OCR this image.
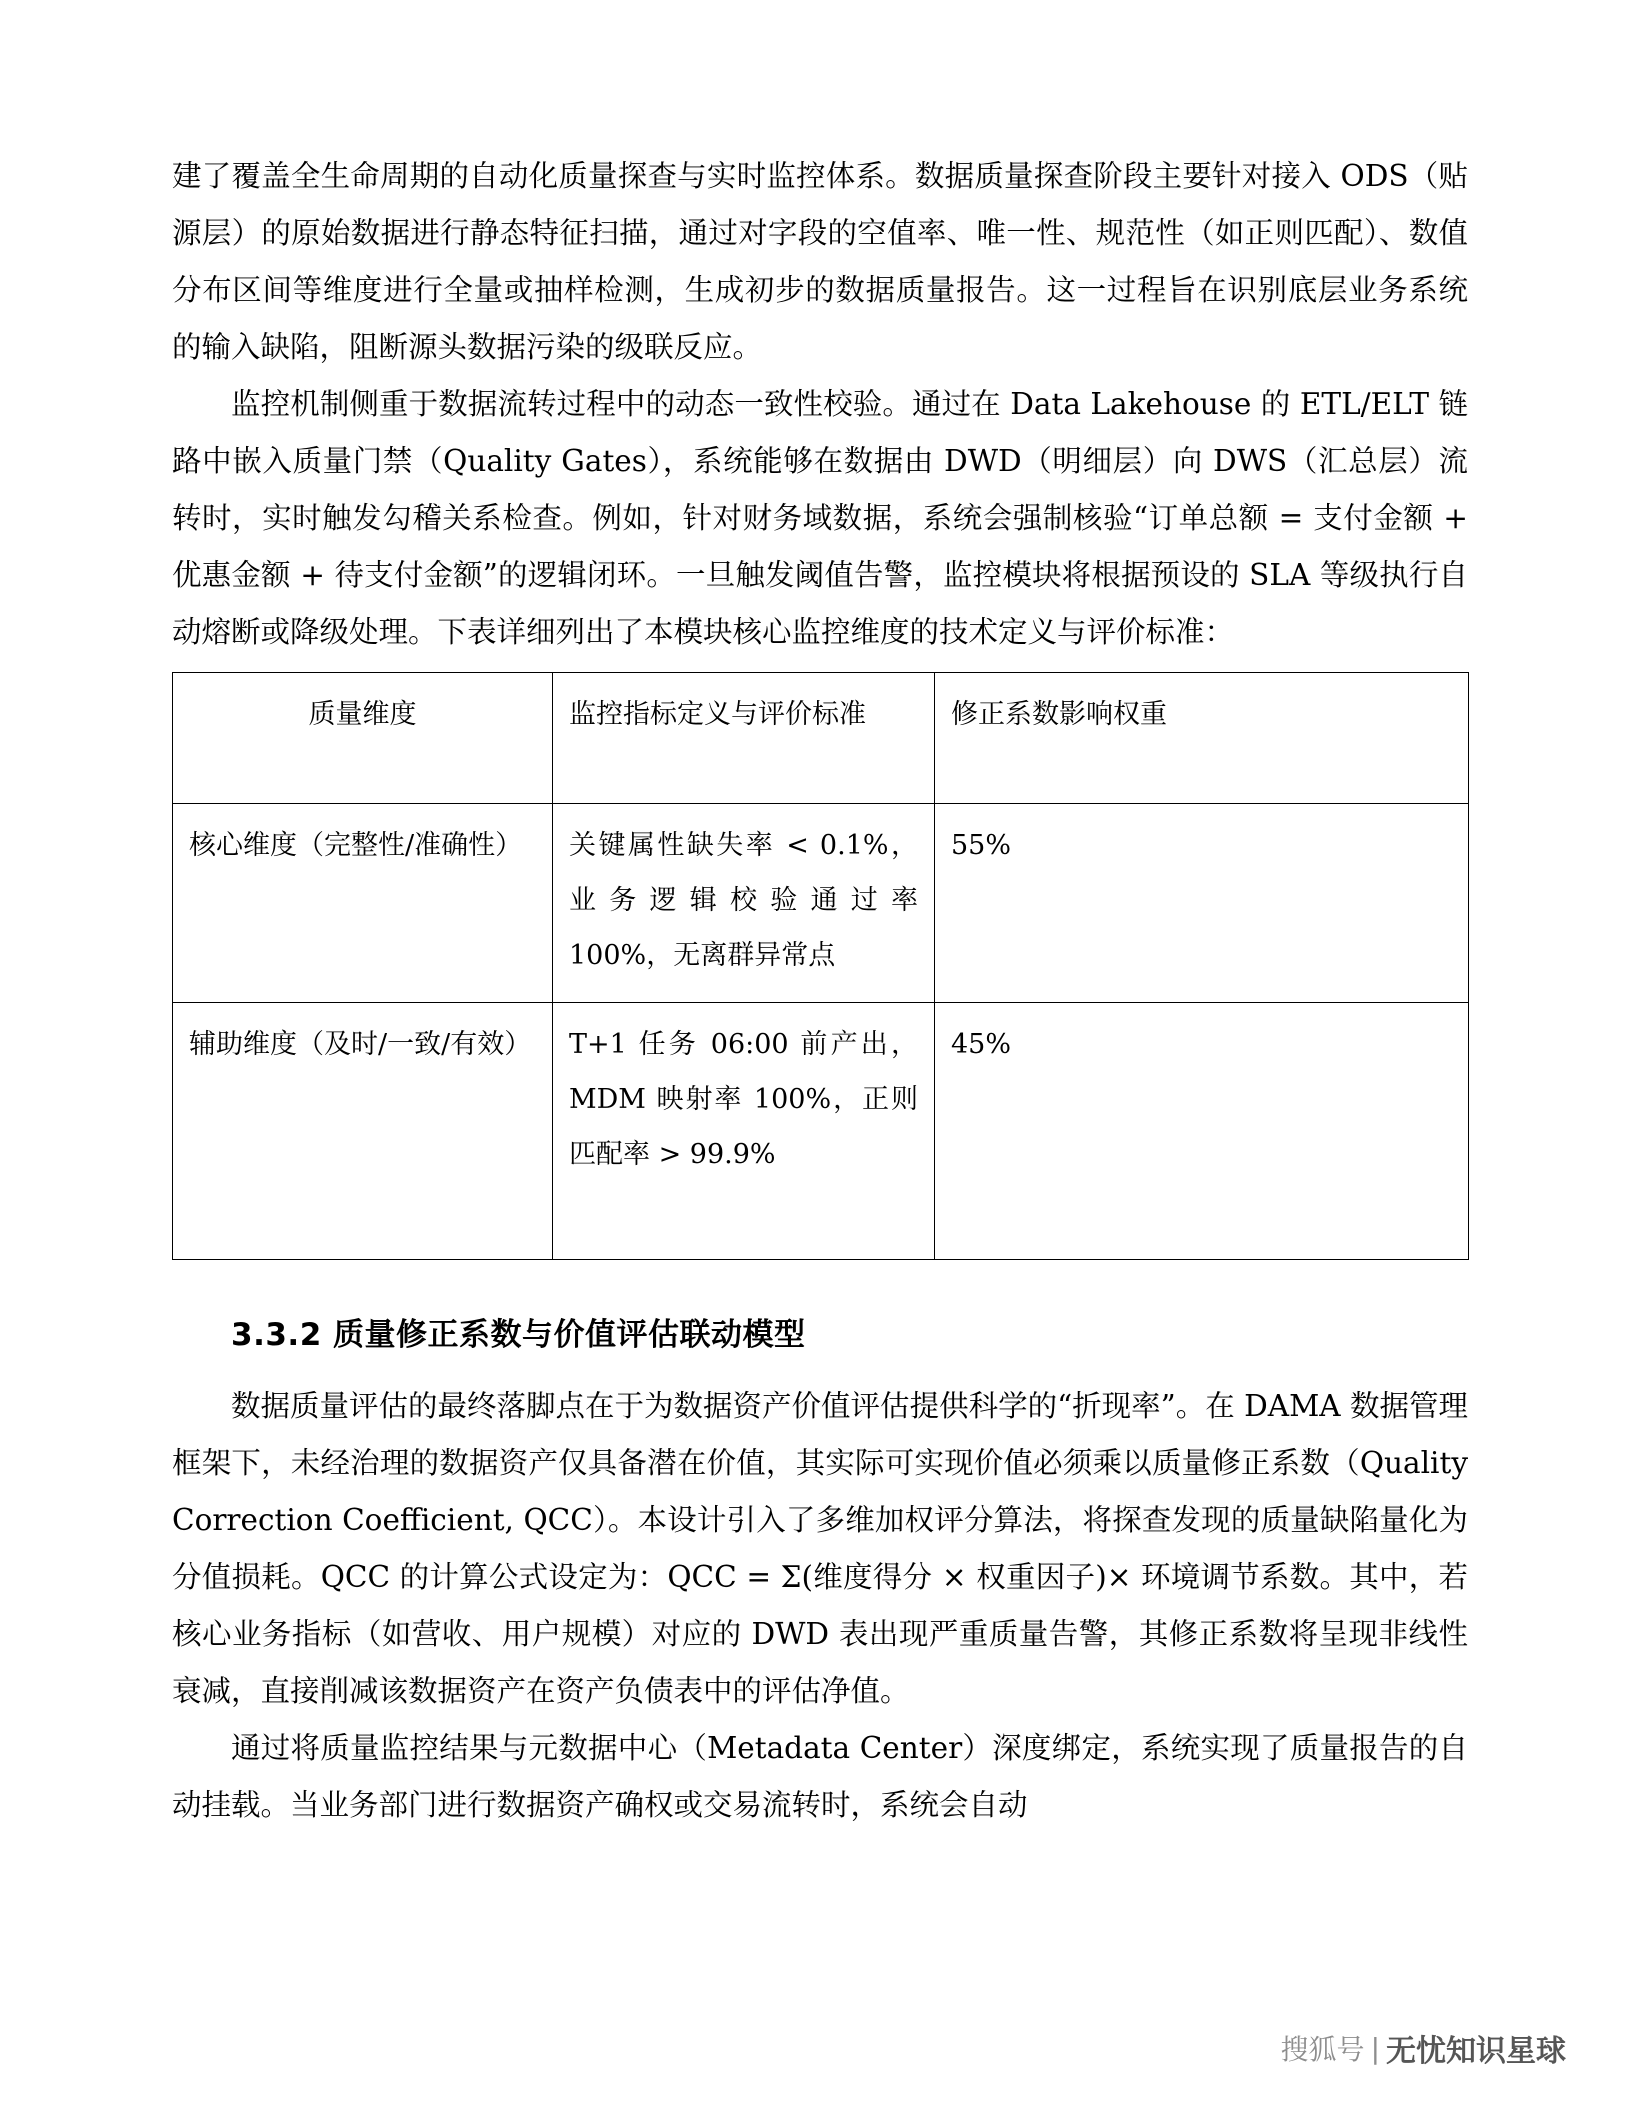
建了覆盖全生命周期的自动化质量探查与实时监控体系。数据质量探查阶段主要针对接入 ODS（贴源层）的原始数据进行静态特征扫描，通过对字段的空值率、唯一性、规范性（如正则匹配）、数值分布区间等维度进行全量或抽样检测，生成初步的数据质量报告。这一过程旨在识别底层业务系统的输入缺陷，阻断源头数据污染的级联反应。

监控机制侧重于数据流转过程中的动态一致性校验。通过在 Data Lakehouse 的 ETL/ELT 链路中嵌入质量门禁（Quality Gates），系统能够在数据由 DWD（明细层）向 DWS（汇总层）流转时，实时触发勾稽关系检查。例如，针对财务域数据，系统会强制核验“订单总额 = 支付金额 + 优惠金额 + 待支付金额”的逻辑闭环。一旦触发阈值告警，监控模块将根据预设的 SLA 等级执行自动熔断或降级处理。下表详细列出了本模块核心监控维度的技术定义与评价标准：

质量维度	监控指标定义与评价标准	修正系数影响权重
核心维度（完整性/准确性）	关键属性缺失率 < 0.1%，业务逻辑校验通过率 100%，无离群异常点	55%
辅助维度（及时/一致/有效）	T+1 任务 06:00 前产出，MDM 映射率 100%，正则匹配率 > 99.9%	45%
3.3.2 质量修正系数与价值评估联动模型

数据质量评估的最终落脚点在于为数据资产价值评估提供科学的“折现率”。在 DAMA 数据管理框架下，未经治理的数据资产仅具备潜在价值，其实际可实现价值必须乘以质量修正系数（Quality Correction Coefficient, QCC）。本设计引入了多维加权评分算法，将探查发现的质量缺陷量化为分值损耗。QCC 的计算公式设定为：QCC = Σ(维度得分 × 权重因子)× 环境调节系数。其中，若核心业务指标（如营收、用户规模）对应的 DWD 表出现严重质量告警，其修正系数将呈现非线性衰减，直接削减该数据资产在资产负债表中的评估净值。

通过将质量监控结果与元数据中心（Metadata Center）深度绑定，系统实现了质量报告的自动挂载。当业务部门进行数据资产确权或交易流转时，系统会自动

搜狐号 | 无忧知识星球
